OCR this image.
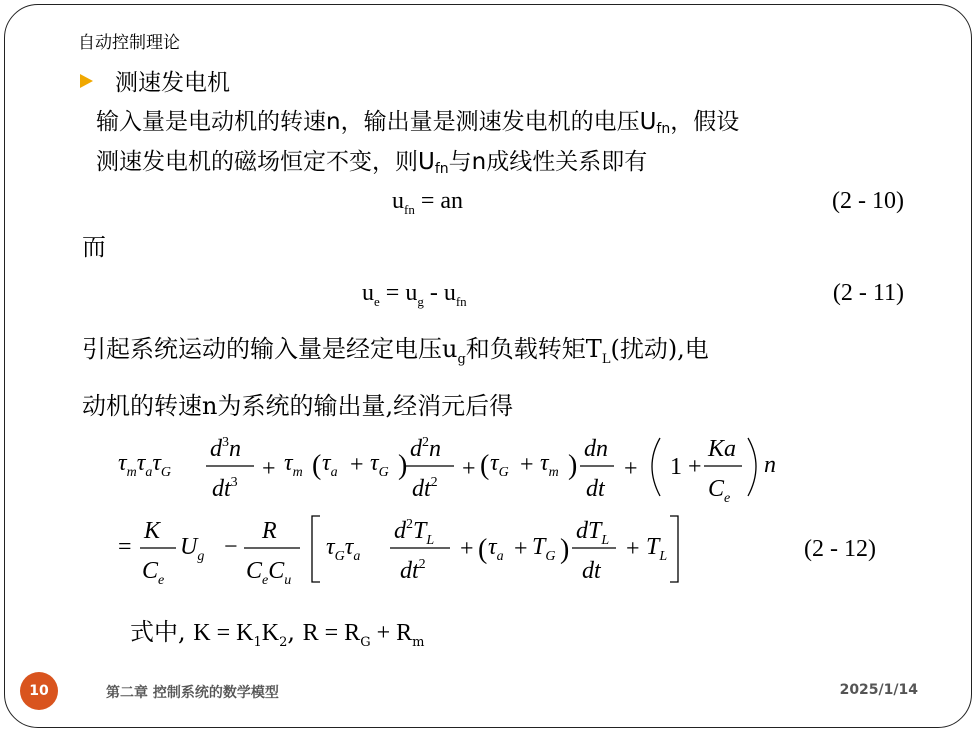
自动控制理论
测速发电机
输入量是电动机的转速n，输出量是测速发电机的电压$U_{fn}$，假设
测速发电机的磁场恒定不变，则$U_{fn}$与n成线性关系即有
$u_{fn}$ = an	(2 - 10)
而
$u_e = u_g - u_{fn}$	(2 - 11)
引起系统运动的输入量是经定电压$u_g$和负载转矩$T_L$(扰动),电
动机的转速n为系统的输出量,经消元后得
$\tau_m\tau_a\tau_G$
$d^3n$
$dt^3$
+ $\tau_m$ ( $\tau_a + \tau_G$ )
$d^2n$
$dt^2$
+ ( $\tau_G + \tau_m$ )
dn
dt
+ 1 +
Ka
$C_e$
n
=
K
$C_e$
$U_g$ −
R
$C_eC_u$
$\tau_G\tau_a$
$d^2T_L$
$dt^2$
+ ( $\tau_a + T_G$ )
$dT_L$
dt
+ $T_L$	(2 - 12)
式中, $K = K_1K_2$, $R = R_G + R_m$
10	第二章 控制系统的数学模型	2025/1/14
